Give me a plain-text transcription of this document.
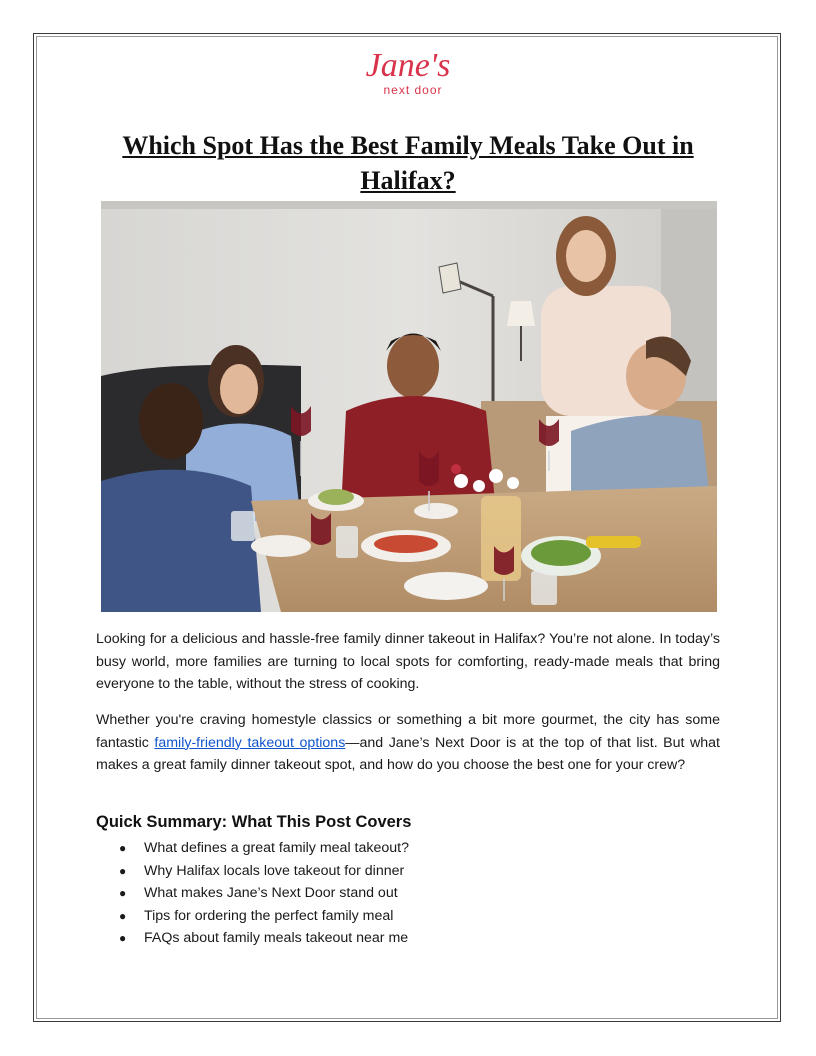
Jane's
next door
Which Spot Has the Best Family Meals Take Out in Halifax?

Looking for a delicious and hassle-free family dinner takeout in Halifax? You’re not alone. In today’s busy world, more families are turning to local spots for comforting, ready-made meals that bring everyone to the table, without the stress of cooking.

Whether you're craving homestyle classics or something a bit more gourmet, the city has some fantastic family-friendly takeout options—and Jane’s Next Door is at the top of that list. But what makes a great family dinner takeout spot, and how do you choose the best one for your crew?

Quick Summary: What This Post Covers
● What defines a great family meal takeout?
● Why Halifax locals love takeout for dinner
● What makes Jane’s Next Door stand out
● Tips for ordering the perfect family meal
● FAQs about family meals takeout near me
